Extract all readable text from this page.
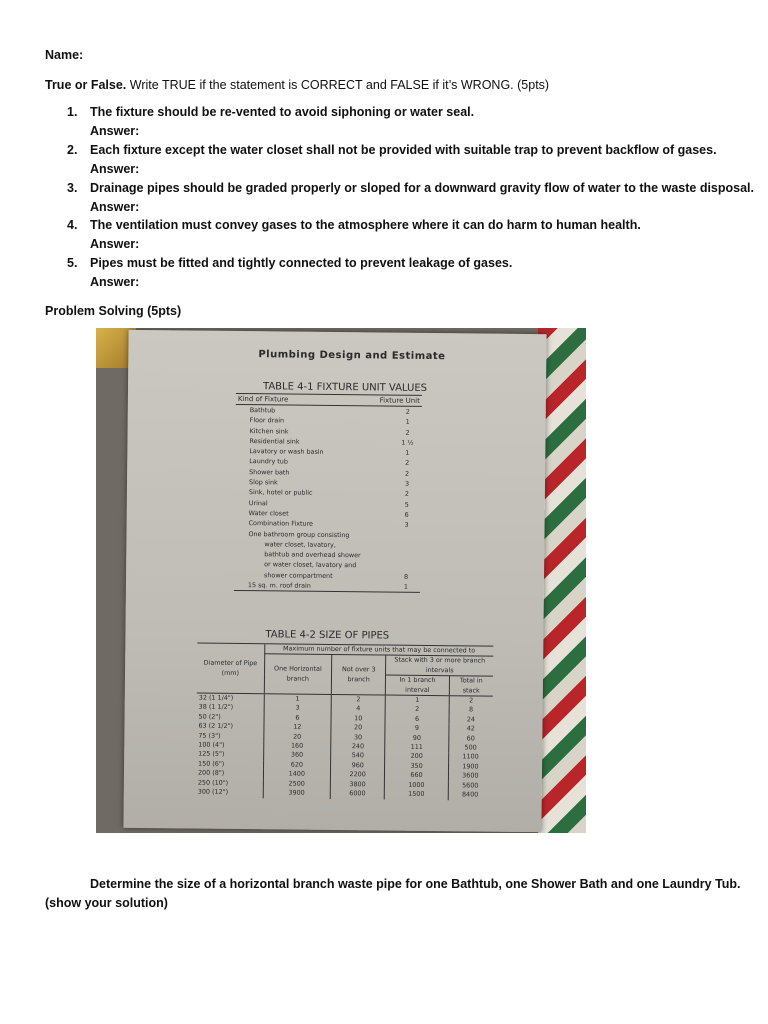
Name:
True or False. Write TRUE if the statement is CORRECT and FALSE if it’s WRONG. (5pts)
1. The fixture should be re-vented to avoid siphoning or water seal.
Answer:
2. Each fixture except the water closet shall not be provided with suitable trap to prevent backflow of gases.
Answer:
3. Drainage pipes should be graded properly or sloped for a downward gravity flow of water to the waste disposal.
Answer:
4. The ventilation must convey gases to the atmosphere where it can do harm to human health.
Answer:
5. Pipes must be fitted and tightly connected to prevent leakage of gases.
Answer:
Problem Solving (5pts)
Plumbing Design and Estimate
TABLE 4-1 FIXTURE UNIT VALUES
Kind of Fixture	Fixture Unit
Bathtub	2
Floor drain	1
Kitchen sink	2
Residential sink	1 ½
Lavatory or wash basin	1
Laundry tub	2
Shower bath	2
Slop sink	3
Sink, hotel or public	2
Urinal	5
Water closet	6
Combination Fixture	3
One bathroom group consisting
water closet, lavatory,
bathtub and overhead shower
or water closet, lavatory and
shower compartment	8
15 sq. m. roof drain	1
TABLE 4-2 SIZE OF PIPES
Diameter of Pipe (mm)	Maximum number of fixture units that may be connected to			
	One Horizontal branch	Not over 3 branch	Stack with 3 or more branch intervals	
			In 1 branch interval	Total in stack
32 (1 1/4")	1	2	1	2
38 (1 1/2")	3	4	2	8
50 (2")	6	10	6	24
63 (2 1/2")	12	20	9	42
75 (3")	20	30	90	60
100 (4")	160	240	111	500
125 (5")	360	540	200	1100
150 (6")	620	960	350	1900
200 (8")	1400	2200	660	3600
250 (10")	2500	3800	1000	5600
300 (12")	3900	6000	1500	8400
Determine the size of a horizontal branch waste pipe for one Bathtub, one Shower Bath and one Laundry Tub.
(show your solution)
